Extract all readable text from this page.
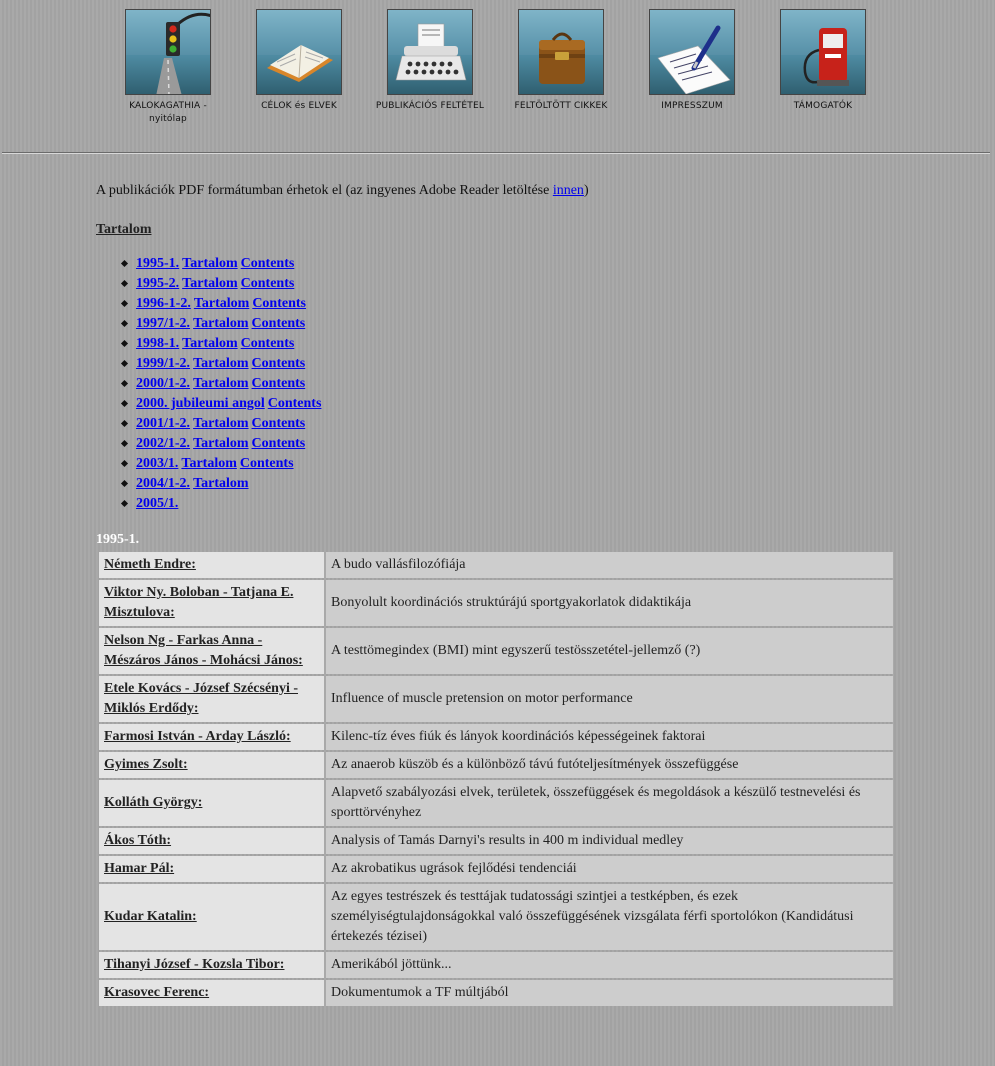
KALOKAGATHIA -
nyitólap
CÉLOK és ELVEK	PUBLIKÁCIÓS FELTÉTEL	FELTÖLTÖTT CIKKEK	IMPRESSZUM	TÁMOGATÓK

A publikációk PDF formátumban érhetok el (az ingyenes Adobe Reader letöltése innen)

Tartalom
1995-1. Tartalom Contents
1995-2. Tartalom Contents
1996-1-2. Tartalom Contents
1997/1-2. Tartalom Contents
1998-1. Tartalom Contents
1999/1-2. Tartalom Contents
2000/1-2. Tartalom Contents
2000. jubileumi angol Contents
2001/1-2. Tartalom Contents
2002/1-2. Tartalom Contents
2003/1. Tartalom Contents
2004/1-2. Tartalom
2005/1.
1995-1.
Németh Endre:	A budo vallásfilozófiája
Viktor Ny. Boloban - Tatjana E. Misztulova:	Bonyolult koordinációs struktúrájú sportgyakorlatok didaktikája
Nelson Ng - Farkas Anna - Mészáros János - Mohácsi János:	A testtömegindex (BMI) mint egyszerű testösszetétel-jellemző (?)
Etele Kovács - József Szécsényi - Miklós Erdődy:	Influence of muscle pretension on motor performance
Farmosi István - Arday László:	Kilenc-tíz éves fiúk és lányok koordinációs képességeinek faktorai
Gyimes Zsolt:	Az anaerob küszöb és a különböző távú futóteljesítmények összefüggése
Kolláth György:	Alapvető szabályozási elvek, területek, összefüggések és megoldások a készülő testnevelési és sporttörvényhez
Ákos Tóth:	Analysis of Tamás Darnyi's results in 400 m individual medley
Hamar Pál:	Az akrobatikus ugrások fejlődési tendenciái
Kudar Katalin:	Az egyes testrészek és testtájak tudatossági szintjei a testképben, és ezek személyiségtulajdonságokkal való összefüggésének vizsgálata férfi sportolókon (Kandidátusi értekezés tézisei)
Tihanyi József - Kozsla Tibor:	Amerikából jöttünk...
Krasovec Ferenc:	Dokumentumok a TF múltjából
